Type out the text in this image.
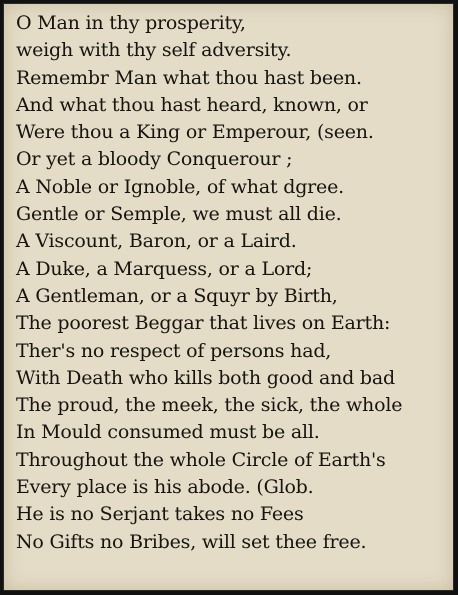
O Man in thy prosperity,
weigh with thy self adversity.
Remembr Man what thou hast been.
And what thou hast heard, known, or
Were thou a King or Emperour, (seen.
Or yet a bloody Conquerour ;
A Noble or Ignoble, of what dgree.
Gentle or Semple, we must all die.
A Viscount, Baron, or a Laird.
A Duke, a Marquess, or a Lord;
A Gentleman, or a Squyr by Birth,
The poorest Beggar that lives on Earth:
Ther's no respect of persons had,
With Death who kills both good and bad
The proud, the meek, the sick, the whole
In Mould consumed must be all.
Throughout the whole Circle of Earth's
Every place is his abode. (Glob.
He is no Serjant takes no Fees
No Gifts no Bribes, will set thee free.
